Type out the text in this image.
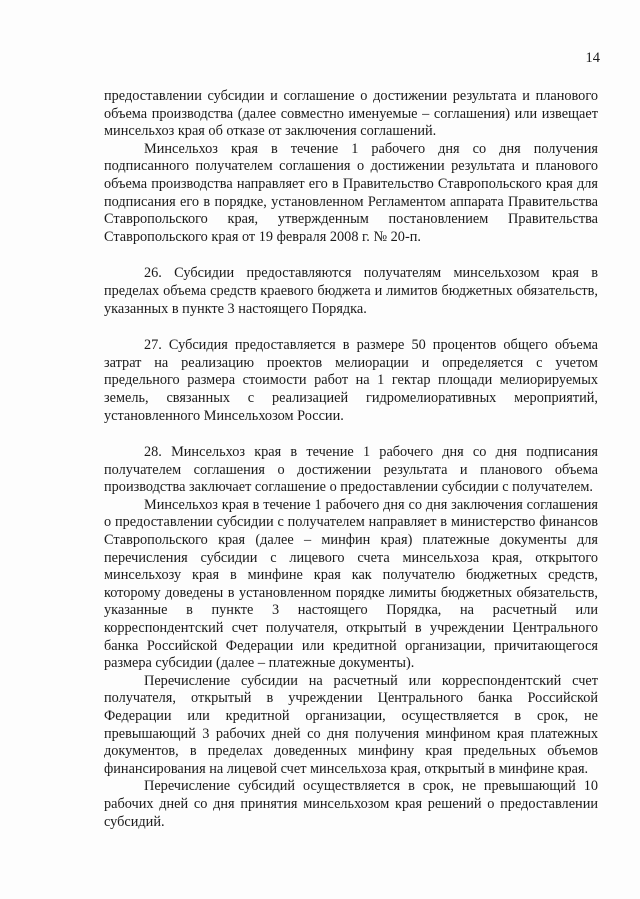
14

предоставлении субсидии и соглашение о достижении результата и планового объема производства (далее совместно именуемые – соглашения) или извещает минсельхоз края об отказе от заключения соглашений.

Минсельхоз края в течение 1 рабочего дня со дня получения подписанного получателем соглашения о достижении результата и планового объема производства направляет его в Правительство Ставропольского края для подписания его в порядке, установленном Регламентом аппарата Правительства Ставропольского края, утвержденным постановлением Правительства Ставропольского края от 19 февраля 2008 г. № 20-п.

26. Субсидии предоставляются получателям минсельхозом края в пределах объема средств краевого бюджета и лимитов бюджетных обязательств, указанных в пункте 3 настоящего Порядка.

27. Субсидия предоставляется в размере 50 процентов общего объема затрат на реализацию проектов мелиорации и определяется с учетом предельного размера стоимости работ на 1 гектар площади мелиорируемых земель, связанных с реализацией гидромелиоративных мероприятий, установленного Минсельхозом России.

28. Минсельхоз края в течение 1 рабочего дня со дня подписания получателем соглашения о достижении результата и планового объема производства заключает соглашение о предоставлении субсидии с получателем.

Минсельхоз края в течение 1 рабочего дня со дня заключения соглашения о предоставлении субсидии с получателем направляет в министерство финансов Ставропольского края (далее – минфин края) платежные документы для перечисления субсидии с лицевого счета минсельхоза края, открытого минсельхозу края в минфине края как получателю бюджетных средств, которому доведены в установленном порядке лимиты бюджетных обязательств, указанные в пункте 3 настоящего Порядка, на расчетный или корреспондентский счет получателя, открытый в учреждении Центрального банка Российской Федерации или кредитной организации, причитающегося размера субсидии (далее – платежные документы).

Перечисление субсидии на расчетный или корреспондентский счет получателя, открытый в учреждении Центрального банка Российской Федерации или кредитной организации, осуществляется в срок, не превышающий 3 рабочих дней со дня получения минфином края платежных документов, в пределах доведенных минфину края предельных объемов финансирования на лицевой счет минсельхоза края, открытый в минфине края.

Перечисление субсидий осуществляется в срок, не превышающий 10 рабочих дней со дня принятия минсельхозом края решений о предоставлении субсидий.
